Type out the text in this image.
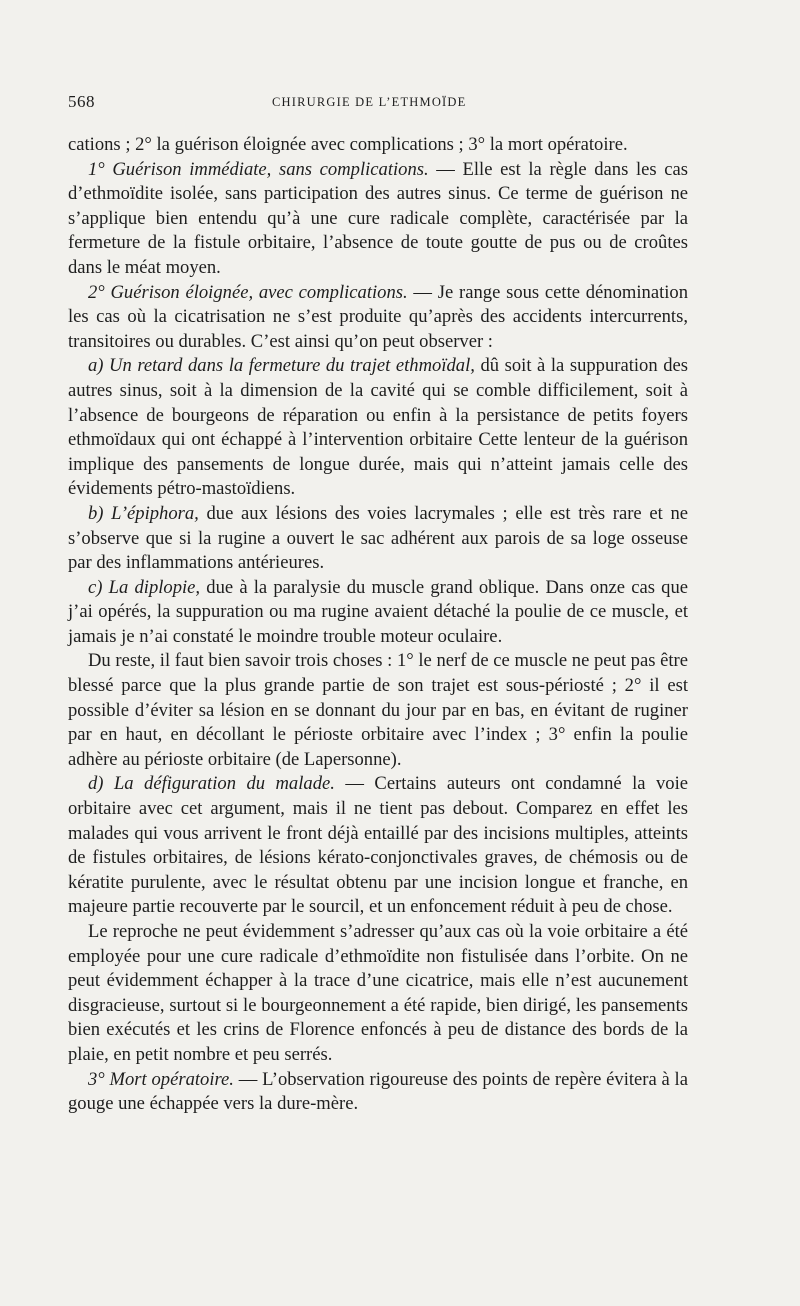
568	CHIRURGIE DE L’ETHMOÏDE

cations ; 2° la guérison éloignée avec complications ; 3° la mort opératoire.

1° Guérison immédiate, sans complications. — Elle est la règle dans les cas d’ethmoïdite isolée, sans participation des autres sinus. Ce terme de guérison ne s’applique bien entendu qu’à une cure radicale complète, caractérisée par la fermeture de la fistule orbitaire, l’absence de toute goutte de pus ou de croûtes dans le méat moyen.

2° Guérison éloignée, avec complications. — Je range sous cette dénomination les cas où la cicatrisation ne s’est produite qu’après des accidents intercurrents, transitoires ou durables. C’est ainsi qu’on peut observer :

a) Un retard dans la fermeture du trajet ethmoïdal, dû soit à la suppuration des autres sinus, soit à la dimension de la cavité qui se comble difficilement, soit à l’absence de bourgeons de réparation ou enfin à la persistance de petits foyers ethmoïdaux qui ont échappé à l’intervention orbitaire Cette lenteur de la guérison implique des pansements de longue durée, mais qui n’atteint jamais celle des évidements pétro-mastoïdiens.

b) L’épiphora, due aux lésions des voies lacrymales ; elle est très rare et ne s’observe que si la rugine a ouvert le sac adhérent aux parois de sa loge osseuse par des inflammations antérieures.

c) La diplopie, due à la paralysie du muscle grand oblique. Dans onze cas que j’ai opérés, la suppuration ou ma rugine avaient détaché la poulie de ce muscle, et jamais je n’ai constaté le moindre trouble moteur oculaire.

Du reste, il faut bien savoir trois choses : 1° le nerf de ce muscle ne peut pas être blessé parce que la plus grande partie de son trajet est sous-périosté ; 2° il est possible d’éviter sa lésion en se donnant du jour par en bas, en évitant de ruginer par en haut, en décollant le périoste orbitaire avec l’index ; 3° enfin la poulie adhère au périoste orbitaire (de Lapersonne).

d) La défiguration du malade. — Certains auteurs ont condamné la voie orbitaire avec cet argument, mais il ne tient pas debout. Comparez en effet les malades qui vous arrivent le front déjà entaillé par des incisions multiples, atteints de fistules orbitaires, de lésions kérato-conjonctivales graves, de chémosis ou de kératite purulente, avec le résultat obtenu par une incision longue et franche, en majeure partie recouverte par le sourcil, et un enfoncement réduit à peu de chose.

Le reproche ne peut évidemment s’adresser qu’aux cas où la voie orbitaire a été employée pour une cure radicale d’ethmoïdite non fistulisée dans l’orbite. On ne peut évidemment échapper à la trace d’une cicatrice, mais elle n’est aucunement disgracieuse, surtout si le bourgeonnement a été rapide, bien dirigé, les pansements bien exécutés et les crins de Florence enfoncés à peu de distance des bords de la plaie, en petit nombre et peu serrés.

3° Mort opératoire. — L’observation rigoureuse des points de repère évitera à la gouge une échappée vers la dure-mère.
